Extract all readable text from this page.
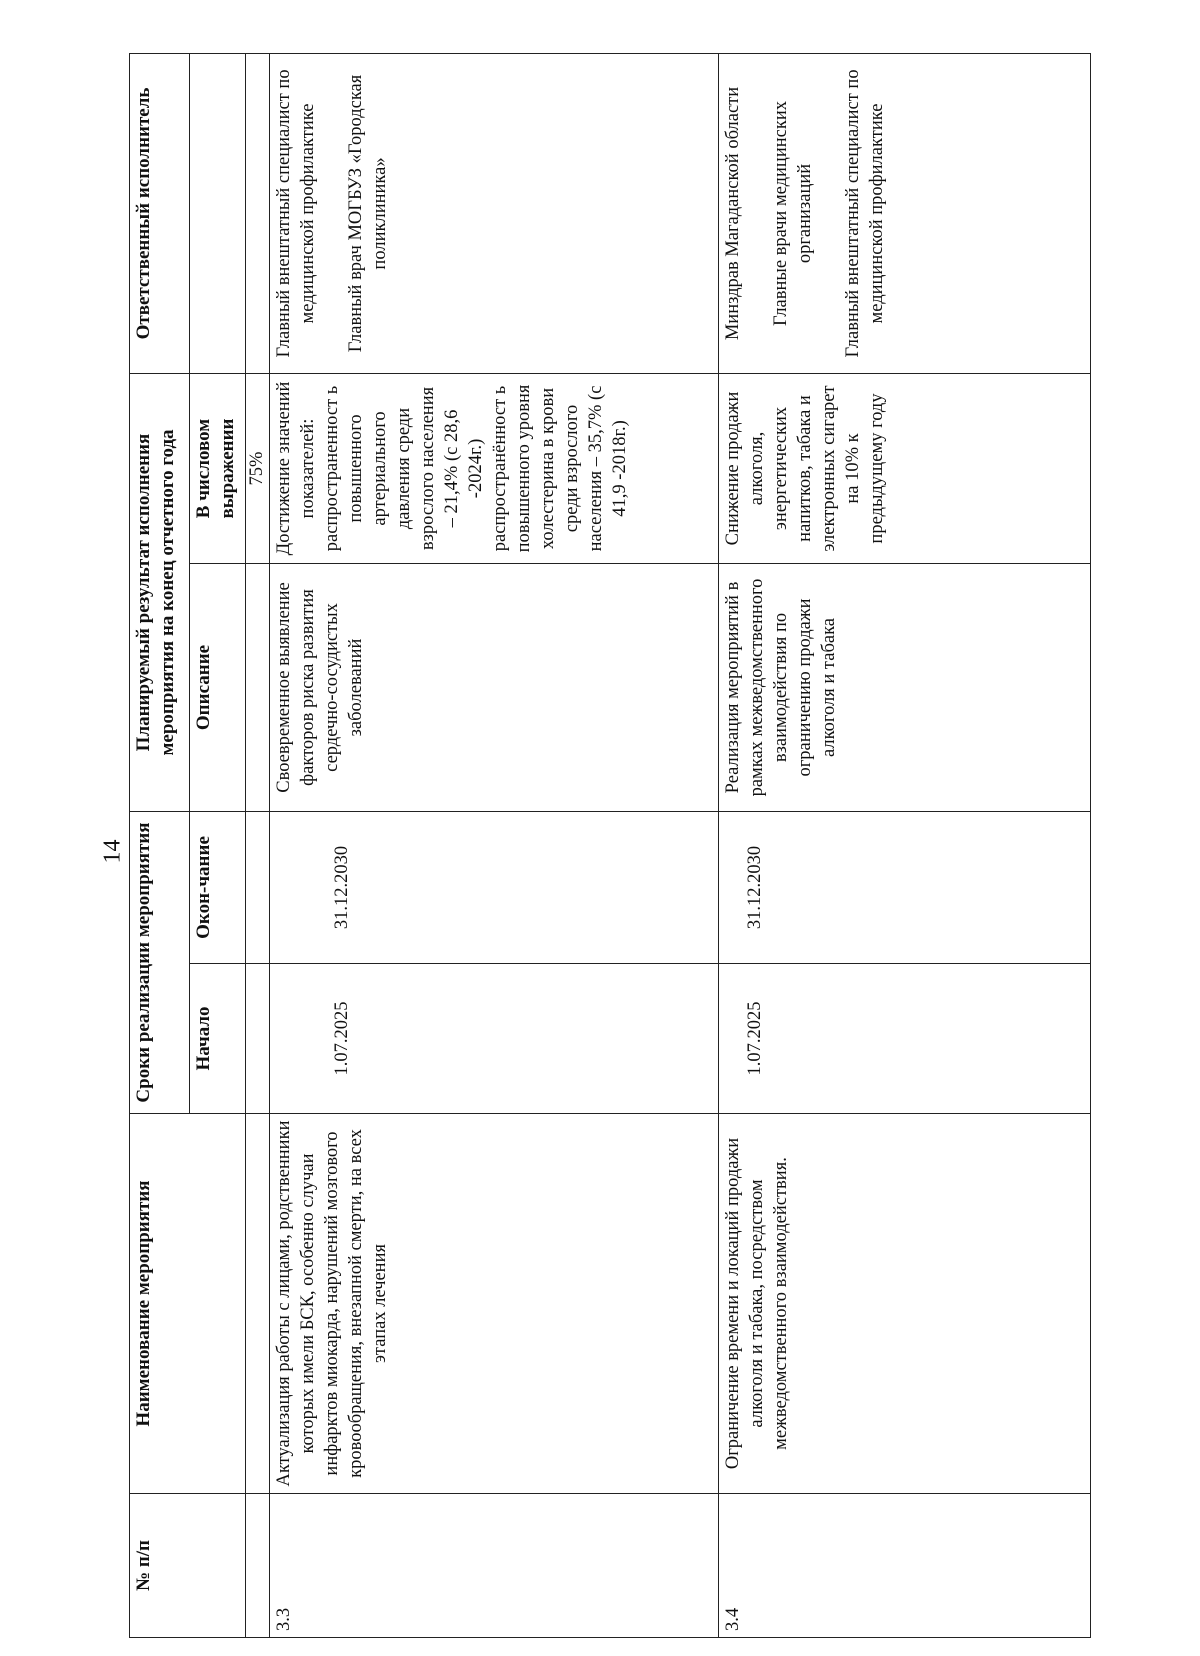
14
№ п/п	Наименование мероприятия	Сроки реализации мероприятия		Планируемый результат исполнения мероприятия на конец отчетного года		Ответственный исполнитель
		Начало	Окон-чание	Описание	В числовом выражении	
					75%	
3.3	Актуализация работы с лицами, родственники которых имели БСК, особенно случаи инфарктов миокарда, нарушений мозгового кровообращения, внезапной смерти, на всех этапах лечения	1.07.2025	31.12.2030	Своевременное выявление факторов риска развития сердечно-сосудистых заболеваний	Достижение значений показателей: распространенност ь повышенного артериального давления среди взрослого населения – 21,4% (с 28,6 -2024г.) распространённост ь повышенного уровня холестерина в крови среди взрослого населения – 35,7% (с 41,9 -2018г.)	Главный внештатный специалист по медицинской профилактике

Главный врач МОГБУЗ «Городская поликлиника»
3.4	Ограничение времени и локаций продажи алкоголя и табака, посредством межведомственного взаимодействия.	1.07.2025	31.12.2030	Реализация мероприятий в рамках межведомственного взаимодействия по ограничению продажи алкоголя и табака	Снижение продажи алкоголя, энергетических напитков, табака и электронных сигарет на 10% к предыдущему году	Минздрав Магаданской области

Главные врачи медицинских организаций

Главный внештатный специалист по медицинской профилактике
